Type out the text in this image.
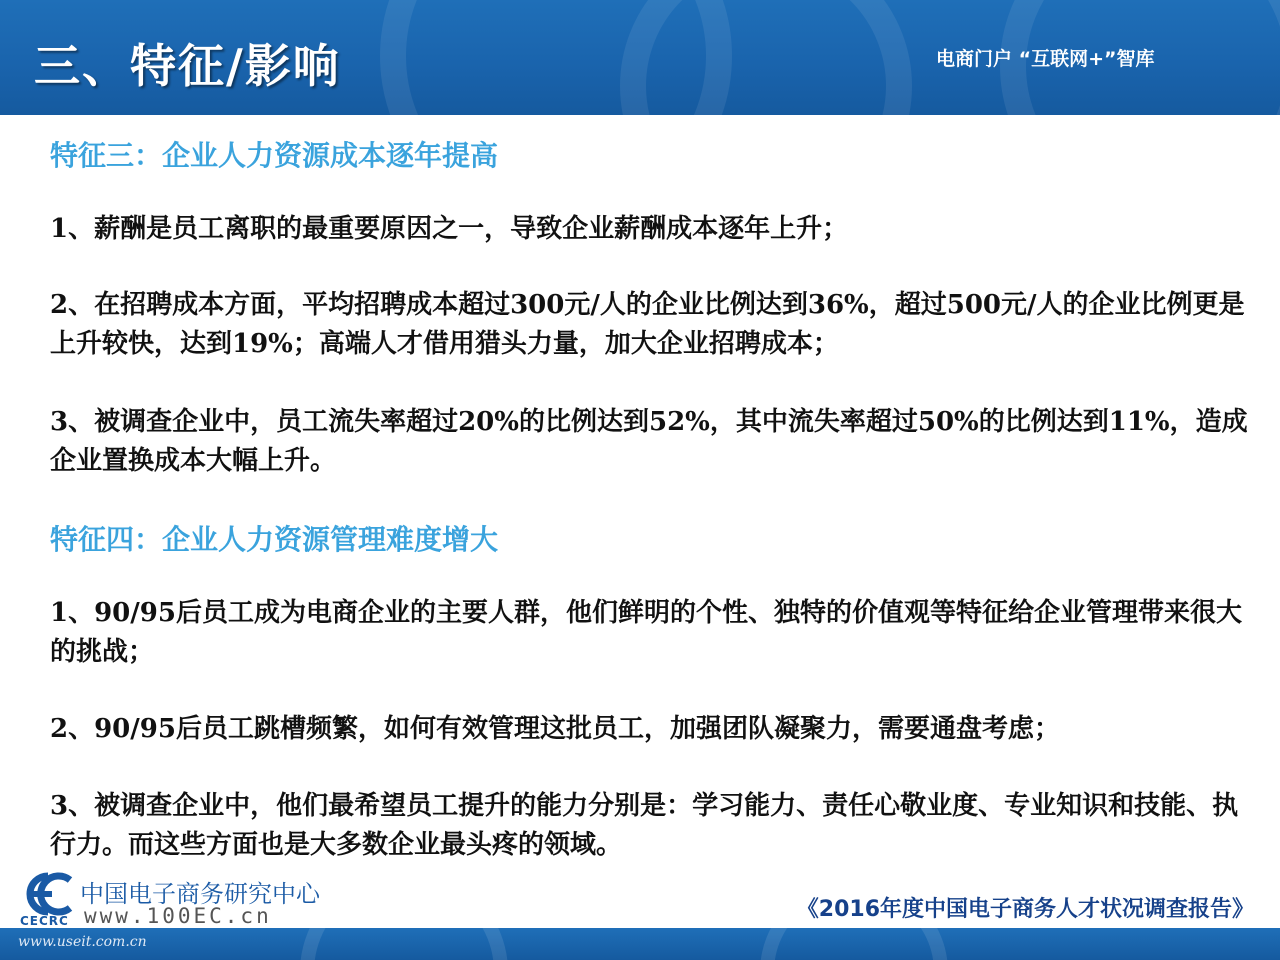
三、特征/影响	电商门户 “互联网+”智库
特征三：企业人力资源成本逐年提高
1、薪酬是员工离职的最重要原因之一，导致企业薪酬成本逐年上升；
2、在招聘成本方面，平均招聘成本超过300元/人的企业比例达到36%，超过500元/人的企业比例更是上升较快，达到19%；高端人才借用猎头力量，加大企业招聘成本；
3、被调查企业中，员工流失率超过20%的比例达到52%，其中流失率超过50%的比例达到11%，造成企业置换成本大幅上升。
特征四：企业人力资源管理难度增大
1、90/95后员工成为电商企业的主要人群，他们鲜明的个性、独特的价值观等特征给企业管理带来很大的挑战；
2、90/95后员工跳槽频繁，如何有效管理这批员工，加强团队凝聚力，需要通盘考虑；
3、被调查企业中，他们最希望员工提升的能力分别是：学习能力、责任心敬业度、专业知识和技能、执行力。而这些方面也是大多数企业最头疼的领域。
CECRC
中国电子商务研究中心
www.100EC.cn	《2016年度中国电子商务人才状况调查报告》
www.useit.com.cn
